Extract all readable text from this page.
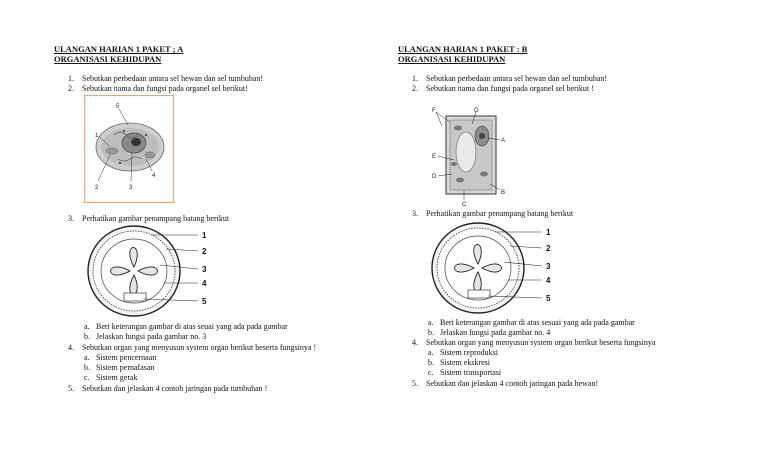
ULANGAN HARIAN 1 PAKET ; A
ORGANISASI KEHIDUPAN
1. Sebutkan perbedaan antara sel hewan dan sel tumbuhan!
2. Sebutkan nama dan fungsi pada organel sel berikut!
5
1
4
2	3
3. Perhatikan gambar penampang batang berikut
1
2
3
4
5
a. Beri keterangan gambar di atas seuai yang ada pada gambar
b. Jelaskan fungsi pada gambar no. 3
4. Sebutkan organ yang menyusun system organ berikut beserta fungsinya !
a. Sistem pencernaan
b. Sistem pernafasan
c. Sistem gerak
5. Sebutkan dan jelaskan 4 contoh jaringan pada tumbuhan !
ULANGAN HARIAN 1 PAKET : B
ORGANISASI KEHIDUPAN
1. Sebutkan perbedaan antara sel hewan dan sel tumbuhan!
2. Sebutkan nama dan fungsi pada organel sel berikut !
F	G
A
E
D
B
C
3. Perhatikan gambar penampang batang berikut
1
2
3
4
5
a. Beri keterangan gambar di atas sesuai yang ada pada gambar
b. Jelaskan fungsi pada gambar no. 4
4. Sebutkan organ yang menyusun system organ berikut beserta fungsinya
a. Sistem reproduksi
b. Sistem ekskresi
c. Sistem transportasi
5. Sebutkan dan jelaskan 4 contoh jaringan pada hewan!
